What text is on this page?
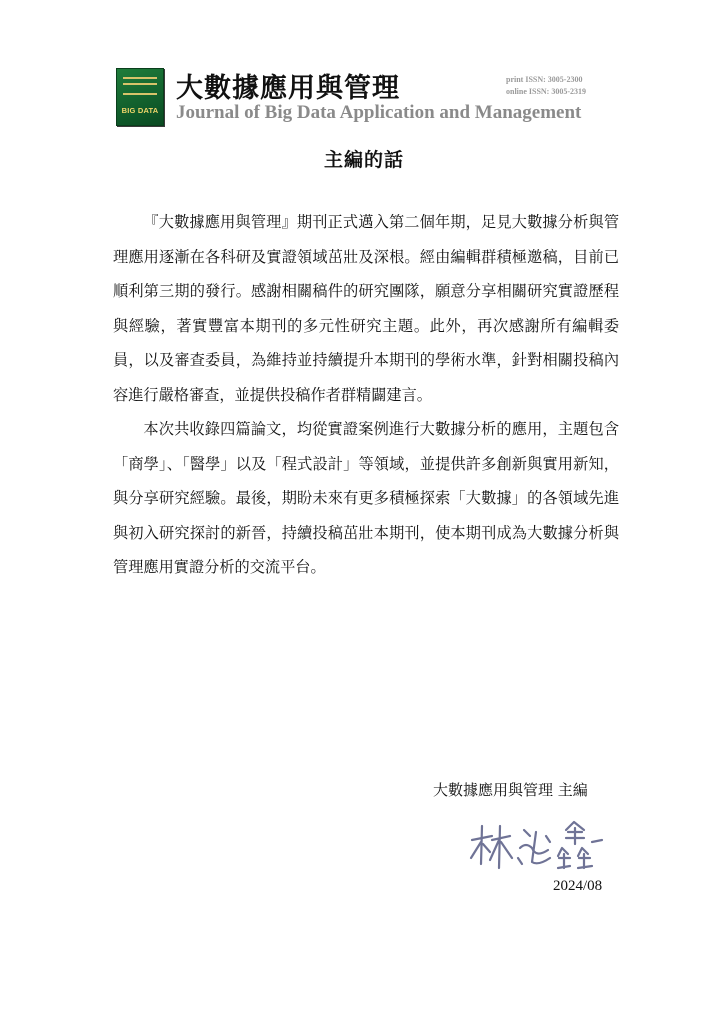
BIG DATA
大數據應用與管理
Journal of Big Data Application and Management
print ISSN: 3005-2300
online ISSN: 3005-2319
主編的話

『大數據應用與管理』期刊正式邁入第二個年期，足見大數據分析與管理應用逐漸在各科研及實證領域茁壯及深根。經由編輯群積極邀稿，目前已順利第三期的發行。感謝相關稿件的研究團隊，願意分享相關研究實證歷程與經驗，著實豐富本期刊的多元性研究主題。此外，再次感謝所有編輯委員，以及審查委員，為維持並持續提升本期刊的學術水準，針對相關投稿內容進行嚴格審查，並提供投稿作者群精闢建言。

本次共收錄四篇論文，均從實證案例進行大數據分析的應用，主題包含「商學」、「醫學」以及「程式設計」等領域，並提供許多創新與實用新知，與分享研究經驗。最後，期盼未來有更多積極探索「大數據」的各領域先進與初入研究探討的新晉，持續投稿茁壯本期刊，使本期刊成為大數據分析與管理應用實證分析的交流平台。

大數據應用與管理 主編
2024/08
